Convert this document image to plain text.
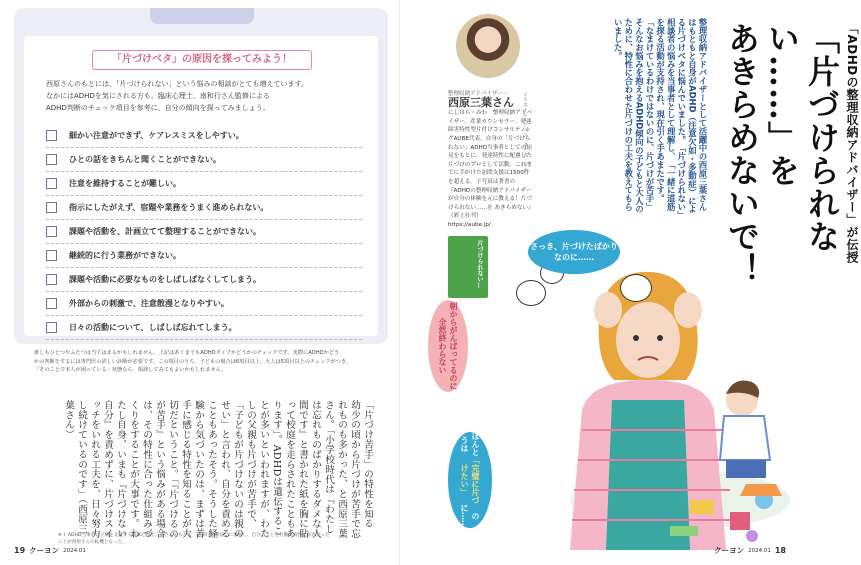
「片づけベタ」の原因を探ってみよう！

西原さんのもとには、「片づけられない」という悩みの相談がとても増えています。

なかにはADHDを気にされる方も。臨床心理士、南和行さん監修による

ADHD判断のチェック項目を参考に、自分の傾向を探ってみましょう。

細かい注意ができず、ケアレスミスをしやすい。
ひとの話をきちんと聞くことができない。
注意を維持することが難しい。
指示にしたがえず、宿題や業務をうまく進められない。
課題や活動を、計画立てて整理することができない。
継続的に行う業務ができない。
課題や活動に必要なものをしばしばなくしてしまう。
外部からの刺激で、注意散漫となりやすい。
日々の活動について、しばしば忘れてしまう。

誰しもひとつやふたつは当てはまるかもしれません。上記はあくまでもADHDタイプかどうかのチェックです。実際にADHDかどう

かの判断をするには専門医の詳しい診断が必要です。この項目のうち、子どもの場合は6項目以上、大人は5項目以上のチェックがつき、

「そのことで本人が困っている」状態なら、相談してみてもよいかもしれません。

「片づけ苦手」の特性を知る　幼少の頃から片づけが苦手で忘れものも多かった、と西原三葉さん。「小学校時代は『わたしは忘れものばかりするダメな人間です』と書かれた紙を胸に貼って校庭を走らされたこともあります」。ADHDは遺伝することが多いといわれますが、わたしの父親も片づけが苦手で、「子どもが片づけないのは親のせい」と言われ、自分を責めることもあったそう。そうした経験から気づいたのは、まずは苦手に感じる特性を知ることが大切だということ。「『片づけるのが苦手』という悩みがある場合は、その特性に合った仕組みづくりをすることが大事です。わたし自身、いまも『片づけない自分』を責めずに、片づけスイッチをいれる工夫を、日々努力し続けているのです」（西原三葉さん）
※１ ADHD当事者の立場を支援する臨床心理士。南さんのもとで「認知行動療法」に参加し、自分のことと行動の特性に向き合った
ことが西原さんの転機となった。
19 クーヨン 2024.01
「ADHDの整理収納アドバイザー」が伝授
「片づけられない……」を
あきらめないで！
整理収納アドバイザーとして活躍中の西原三葉さんはもともと自身がADHD（注意欠如・多動症）による片づけベタに悩んでいました。「片づけられない」相談者の悩みを当事者として理解し、「一緒に道筋を探る活動が支持され、現在引く手あまたです。「なまけているわけではないのに、片づけが苦手」そんなお悩みを抱えるADHD傾向の子どもと大人のために、特性に合わせた片づけの工夫を教えてもらいました。
イラストレーション　タナカ　ラミ
整理収納アドバイザー・
西原三葉さん

にしはら・みわ　整理収納アドバイザー、産業カウンセラー。発達障害特性型片付けコンサルティングAUBE代表。自身の「片づけられない」ADHD当事者としての知見をもとに、発達特性に配慮した片づけのプロとして活動。これまでに手がけた訪問支援は1500件を超える。下写真は著書の『ADHDの整理収納アドバイザーが自分の体験を元に教える！片づけられない……を あきらめない』（彩土社刊）

https://aube.jp/

片づけられない…	さっき、片づけたばかりなのに……
朝からがんばってるのに全然終わらない
ほんとうは
「完璧に片づけたい」
のに……
クーヨン 2024.01 18
